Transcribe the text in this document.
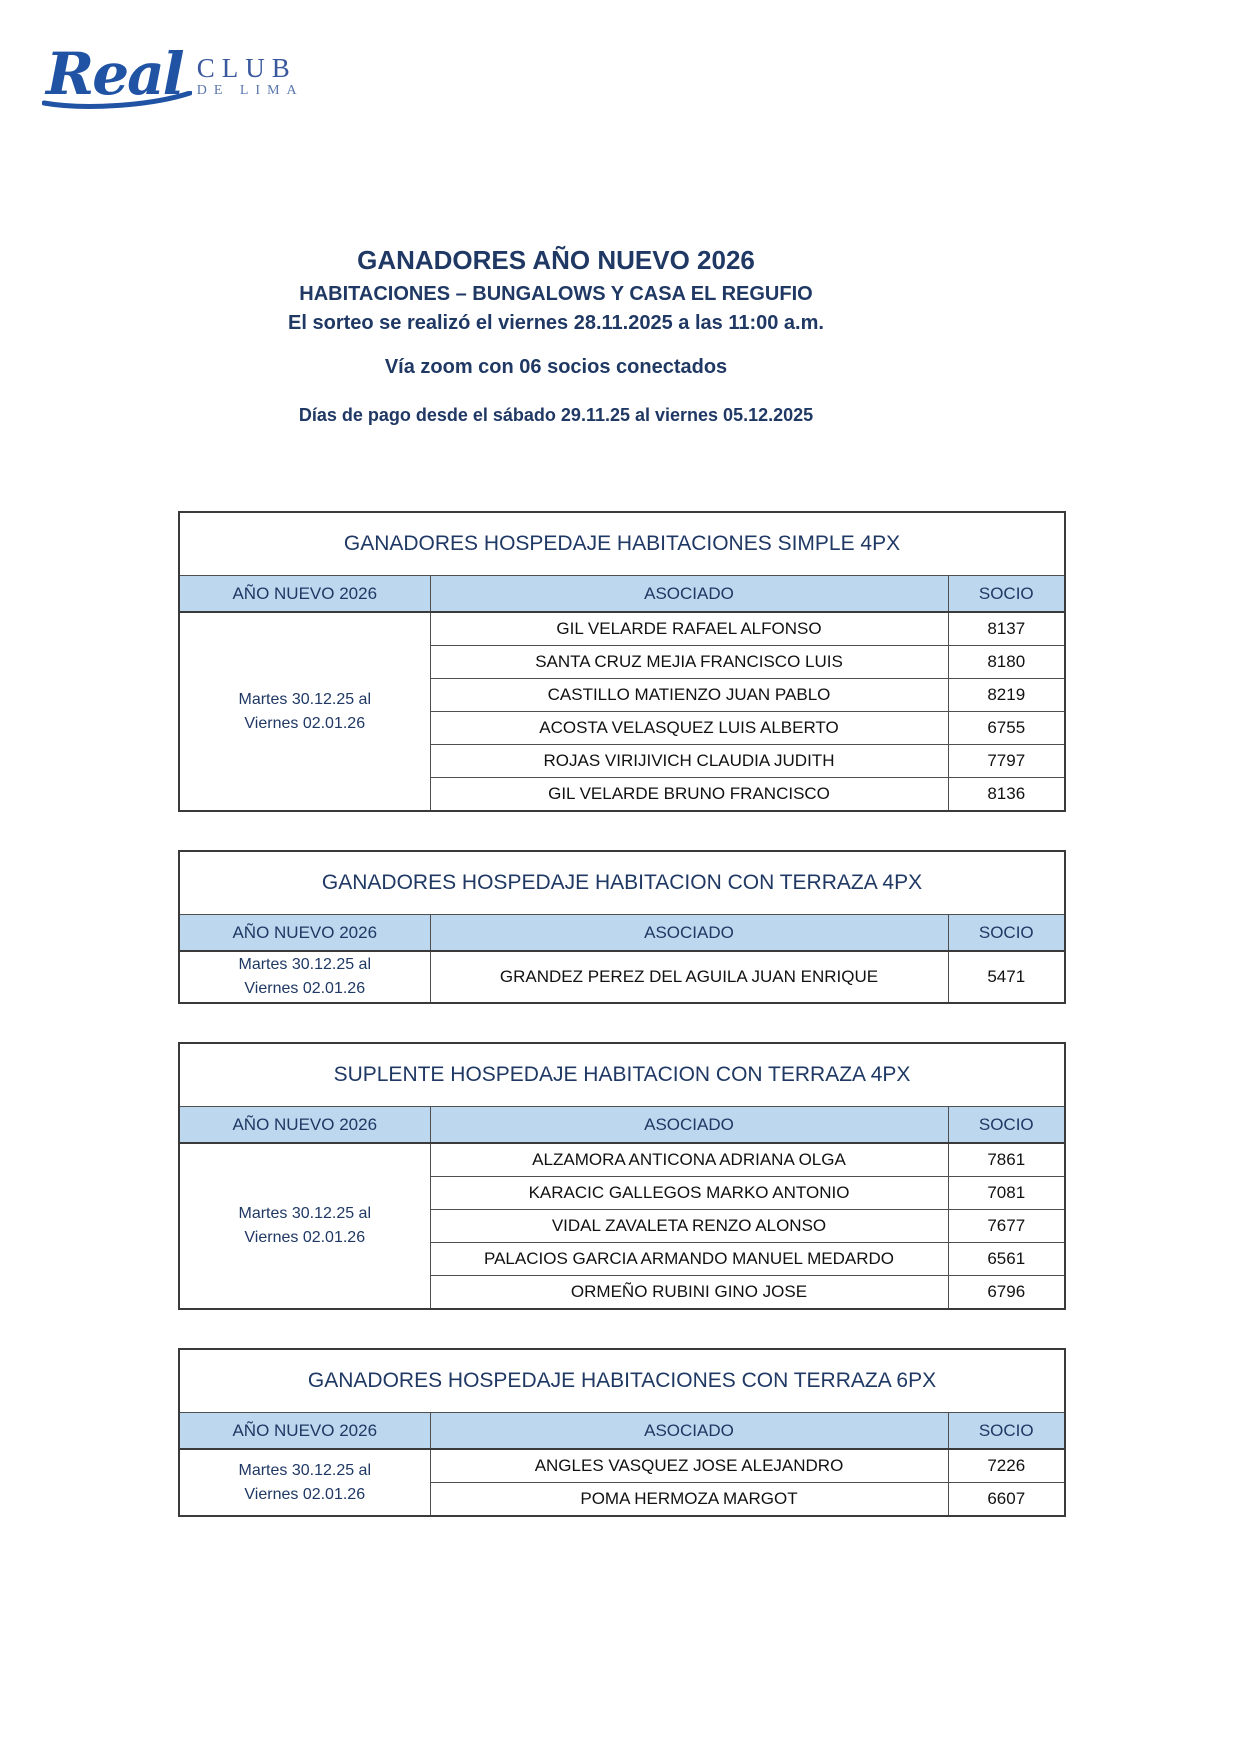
Real CLUB
DE LIMA
GANADORES AÑO NUEVO 2026
HABITACIONES – BUNGALOWS Y CASA EL REGUFIO
El sorteo se realizó el viernes 28.11.2025 a las 11:00 a.m.
Vía zoom con 06 socios conectados
Días de pago desde el sábado 29.11.25 al viernes 05.12.2025
GANADORES HOSPEDAJE HABITACIONES SIMPLE 4PX		
AÑO NUEVO 2026	ASOCIADO	SOCIO

Martes 30.12.25 al
Viernes 02.01.26	GIL VELARDE RAFAEL ALFONSO	8137
	SANTA CRUZ MEJIA FRANCISCO LUIS	8180
	CASTILLO MATIENZO JUAN PABLO	8219
	ACOSTA VELASQUEZ LUIS ALBERTO	6755
	ROJAS VIRIJIVICH CLAUDIA JUDITH	7797
	GIL VELARDE BRUNO FRANCISCO	8136
GANADORES HOSPEDAJE HABITACION CON TERRAZA 4PX		
AÑO NUEVO 2026	ASOCIADO	SOCIO

Martes 30.12.25 al
Viernes 02.01.26	GRANDEZ PEREZ DEL AGUILA JUAN ENRIQUE	5471
SUPLENTE HOSPEDAJE HABITACION CON TERRAZA 4PX		
AÑO NUEVO 2026	ASOCIADO	SOCIO

Martes 30.12.25 al
Viernes 02.01.26	ALZAMORA ANTICONA ADRIANA OLGA	7861
	KARACIC GALLEGOS MARKO ANTONIO	7081
	VIDAL ZAVALETA RENZO ALONSO	7677
	PALACIOS GARCIA ARMANDO MANUEL MEDARDO	6561
	ORMEÑO RUBINI GINO JOSE	6796
GANADORES HOSPEDAJE HABITACIONES CON TERRAZA 6PX		
AÑO NUEVO 2026	ASOCIADO	SOCIO

Martes 30.12.25 al
Viernes 02.01.26	ANGLES VASQUEZ JOSE ALEJANDRO	7226
	POMA HERMOZA MARGOT	6607
